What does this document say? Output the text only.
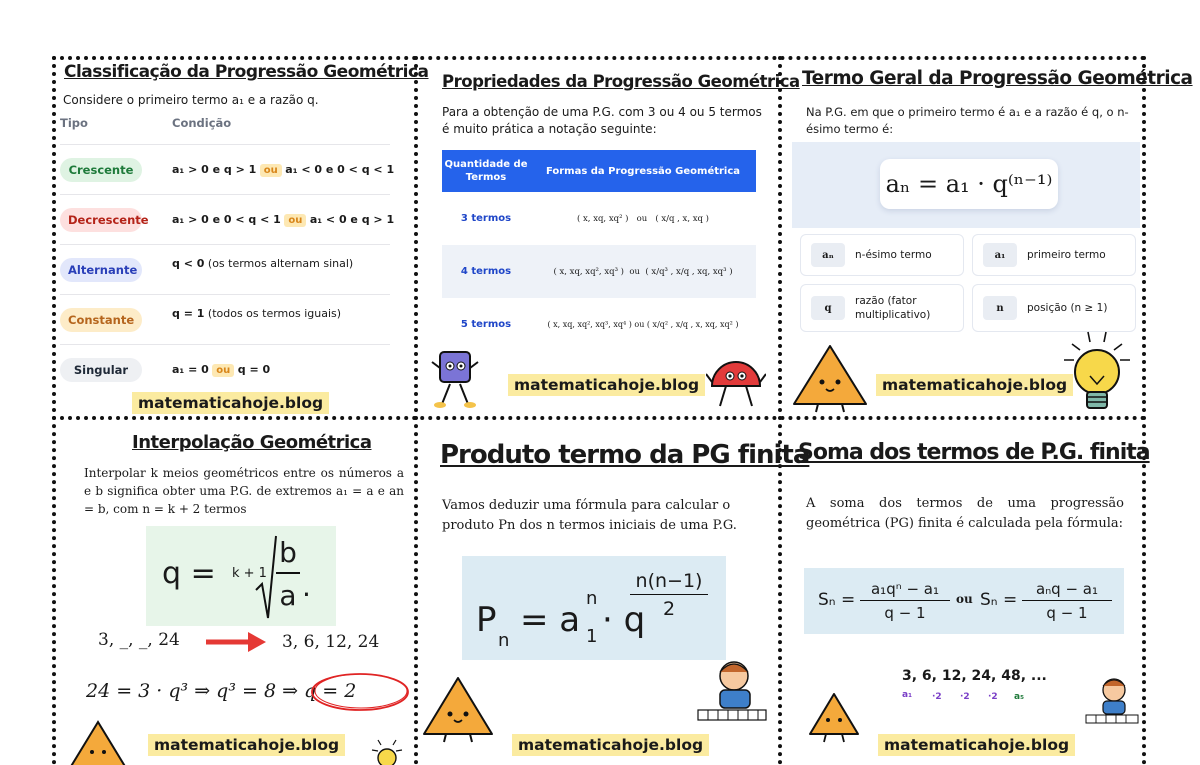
Classificação da Progressão Geométrica
Considere o primeiro termo a₁ e a razão q.
Tipo	Condição
Crescente	a₁ > 0 e q > 1 ou a₁ < 0 e 0 < q < 1
Decrescente a₁ > 0 e 0 < q < 1 ou a₁ < 0 e q > 1
Alternante	q < 0 (os termos alternam sinal)
Constante	q = 1 (todos os termos iguais)
Singular	a₁ = 0 ou q = 0
matematicahoje.blog
Propriedades da Progressão Geométrica
Para a obtenção de uma P.G. com 3 ou 4 ou 5 termos é muito prática a notação seguinte:
Quantidade de Termos
Formas da Progressão Geométrica
3 termos	( x, xq, xq² ) ou ( x/q , x, xq )
4 termos	( x, xq, xq², xq³ ) ou ( x/q³ , x/q , xq, xq³ )
5 termos	( x, xq, xq², xq³, xq⁴ ) ou ( x/q² , x/q , x, xq, xq² )
matematicahoje.blog
Termo Geral da Progressão Geométrica
Na P.G. em que o primeiro termo é a₁ e a razão é q, o n-ésimo termo é:
aₙ = a₁ · q⁽ⁿ⁻¹⁾
aₙ	n-ésimo termo	a₁	primeiro termo
q
razão (fator multiplicativo)
n	posição (n ≥ 1)
matematicahoje.blog
Interpolação Geométrica
Interpolar k meios geométricos entre os números a e b significa obter uma P.G. de extremos a₁ = a e an = b, com n = k + 2 termos
q = k + 1
b
a .
3, _, _, 24	3, 6, 12, 24
24 = 3 · q³ ⇒ q³ = 8 ⇒ q = 2
matematicahoje.blog
Produto termo da PG finita
Vamos deduzir uma fórmula para calcular o produto Pn dos n termos iniciais de uma P.G.
P
n
= a
n
1 · q
n(n−1)
2
matematicahoje.blog
Soma dos termos de P.G. finita
A soma dos termos de uma progressão geométrica (PG) finita é calculada pela fórmula:
Sₙ =
a₁qⁿ − a₁
q − 1
ou Sₙ =
aₙq − a₁
q − 1
3, 6, 12, 24, 48, ...
a₁ ·2 ·2 ·2 a₅
matematicahoje.blog
